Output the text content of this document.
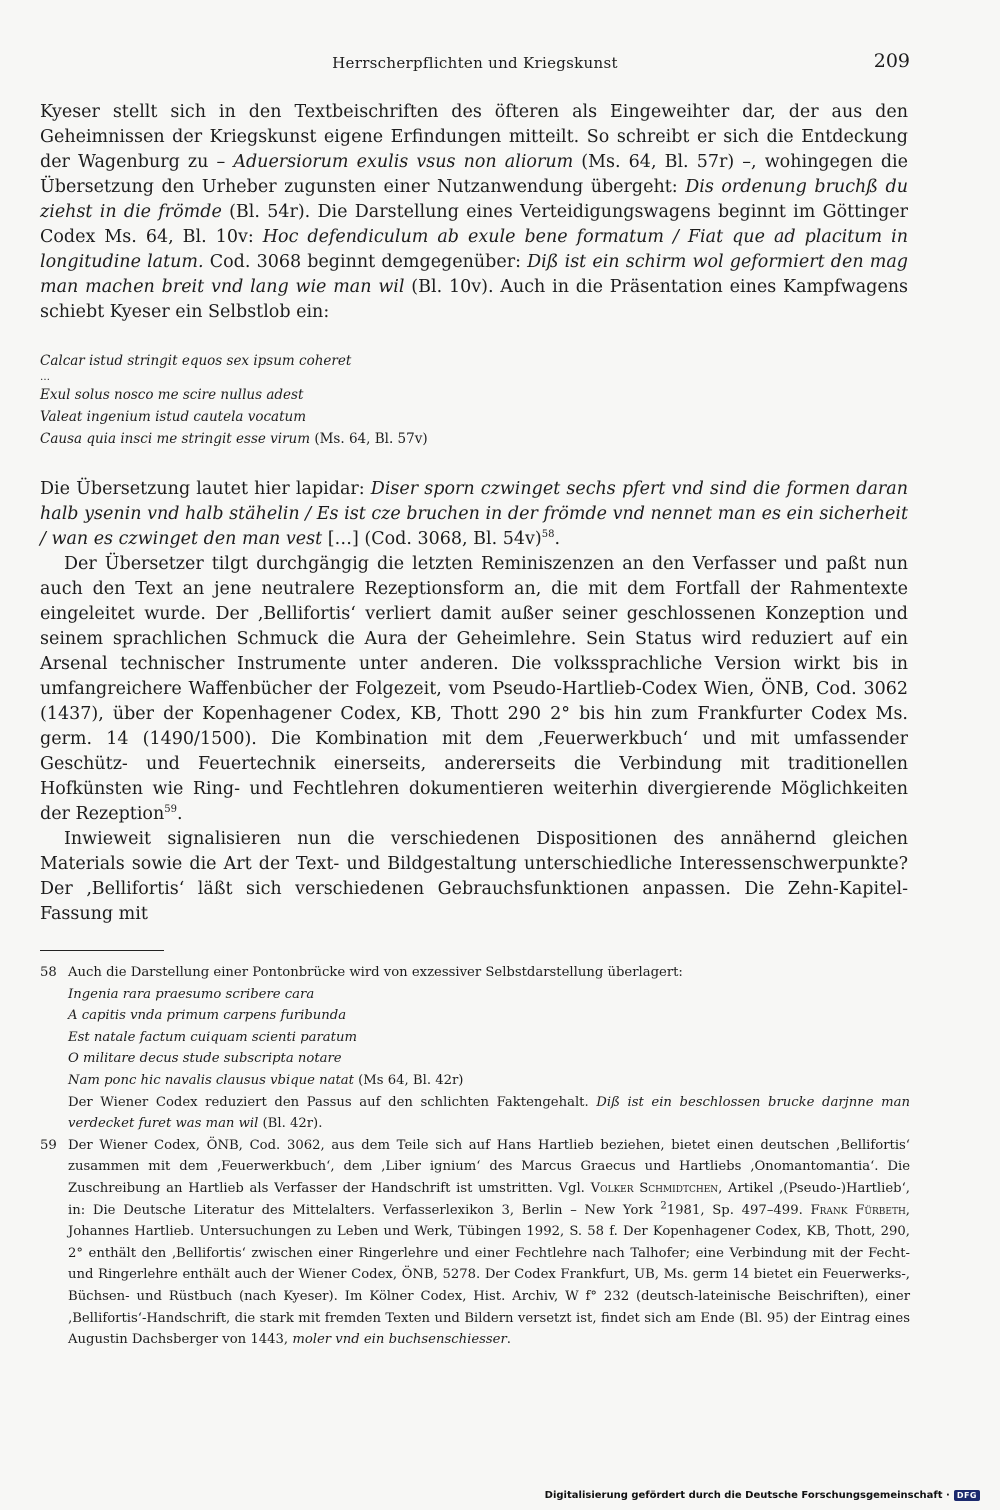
Herrscherpflichten und Kriegskunst	209

Kyeser stellt sich in den Textbeischriften des öfteren als Eingeweihter dar, der aus den Geheimnissen der Kriegskunst eigene Erfindungen mitteilt. So schreibt er sich die Entdeckung der Wagenburg zu – Aduersiorum exulis vsus non aliorum (Ms. 64, Bl. 57r) –, wohingegen die Übersetzung den Urheber zugunsten einer Nutzanwendung übergeht: Dis ordenung bruchß du ziehst in die frömde (Bl. 54r). Die Darstellung eines Verteidigungswagens beginnt im Göttinger Codex Ms. 64, Bl. 10v: Hoc defendiculum ab exule bene formatum / Fiat que ad placitum in longitudine latum. Cod. 3068 beginnt demgegenüber: Diß ist ein schirm wol geformiert den mag man machen breit vnd lang wie man wil (Bl. 10v). Auch in die Präsentation eines Kampfwagens schiebt Kyeser ein Selbstlob ein:

Calcar istud stringit equos sex ipsum coheret
…
Exul solus nosco me scire nullus adest
Valeat ingenium istud cautela vocatum
Causa quia insci me stringit esse virum (Ms. 64, Bl. 57v)

Die Übersetzung lautet hier lapidar: Diser sporn czwinget sechs pfert vnd sind die formen daran halb ysenin vnd halb stähelin / Es ist cze bruchen in der frömde vnd nennet man es ein sicherheit / wan es czwinget den man vest […] (Cod. 3068, Bl. 54v)$^{58}$.

Der Übersetzer tilgt durchgängig die letzten Reminiszenzen an den Verfasser und paßt nun auch den Text an jene neutralere Rezeptionsform an, die mit dem Fortfall der Rahmentexte eingeleitet wurde. Der ‚Bellifortis‘ verliert damit außer seiner geschlossenen Konzeption und seinem sprachlichen Schmuck die Aura der Geheimlehre. Sein Status wird reduziert auf ein Arsenal technischer Instrumente unter anderen. Die volkssprachliche Version wirkt bis in umfangreichere Waffenbücher der Folgezeit, vom Pseudo-Hartlieb-Codex Wien, ÖNB, Cod. 3062 (1437), über der Kopenhagener Codex, KB, Thott 290 2° bis hin zum Frankfurter Codex Ms. germ. 14 (1490/1500). Die Kombination mit dem ‚Feuerwerkbuch‘ und mit umfassender Geschütz- und Feuertechnik einerseits, andererseits die Verbindung mit traditionellen Hofkünsten wie Ring- und Fechtlehren dokumentieren weiterhin divergierende Möglichkeiten der Rezeption$^{59}$.

Inwieweit signalisieren nun die verschiedenen Dispositionen des annähernd gleichen Materials sowie die Art der Text- und Bildgestaltung unterschiedliche Interessenschwerpunkte? Der ‚Bellifortis‘ läßt sich verschiedenen Gebrauchsfunktionen anpassen. Die Zehn-Kapitel-Fassung mit

58 Auch die Darstellung einer Pontonbrücke wird von exzessiver Selbstdarstellung überlagert:
Ingenia rara praesumo scribere cara
A capitis vnda primum carpens furibunda
Est natale factum cuiquam scienti paratum
O militare decus stude subscripta notare
Nam ponc hic navalis clausus vbique natat (Ms 64, Bl. 42r)
Der Wiener Codex reduziert den Passus auf den schlichten Faktengehalt. Diß ist ein beschlossen brucke darjnne man verdecket furet was man wil (Bl. 42r).
59 Der Wiener Codex, ÖNB, Cod. 3062, aus dem Teile sich auf Hans Hartlieb beziehen, bietet einen deutschen ‚Bellifortis‘ zusammen mit dem ‚Feuerwerkbuch‘, dem ‚Liber ignium‘ des Marcus Graecus und Hartliebs ‚Onomantomantia‘. Die Zuschreibung an Hartlieb als Verfasser der Handschrift ist umstritten. Vgl. Volker Schmidtchen, Artikel ‚(Pseudo-)Hartlieb‘, in: Die Deutsche Literatur des Mittelalters. Verfasserlexikon 3, Berlin – New York $^2$1981, Sp. 497–499. Frank Fürbeth, Johannes Hartlieb. Untersuchungen zu Leben und Werk, Tübingen 1992, S. 58 f. Der Kopenhagener Codex, KB, Thott, 290, 2° enthält den ‚Bellifortis‘ zwischen einer Ringerlehre und einer Fechtlehre nach Talhofer; eine Verbindung mit der Fecht- und Ringerlehre enthält auch der Wiener Codex, ÖNB, 5278. Der Codex Frankfurt, UB, Ms. germ 14 bietet ein Feuerwerks-, Büchsen- und Rüstbuch (nach Kyeser). Im Kölner Codex, Hist. Archiv, W f° 232 (deutsch-lateinische Beischriften), einer ‚Bellifortis‘-Handschrift, die stark mit fremden Texten und Bildern versetzt ist, findet sich am Ende (Bl. 95) der Eintrag eines Augustin Dachsberger von 1443, moler vnd ein buchsenschiesser.
Digitalisierung gefördert durch die Deutsche Forschungsgemeinschaft · DFG
